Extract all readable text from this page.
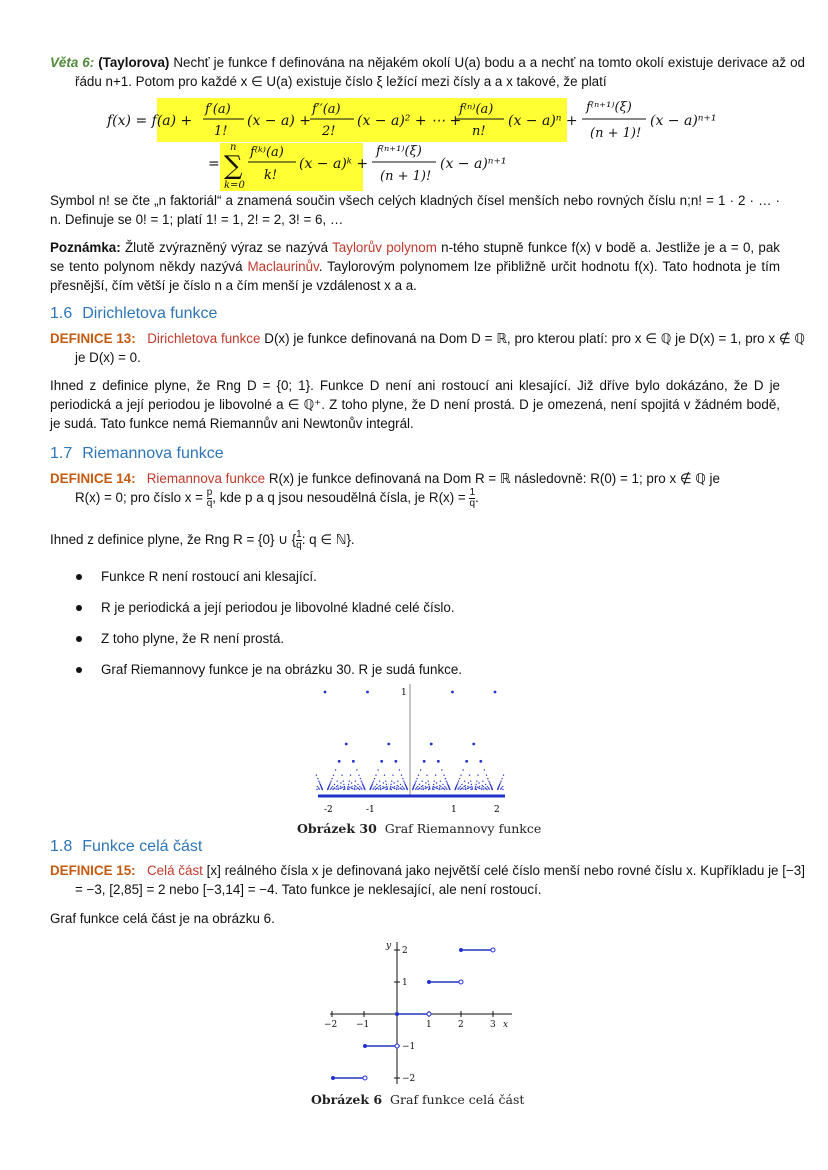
Věta 6: (Taylorova) Nechť je funkce f definována na nějakém okolí U(a) bodu a a nechť na tomto okolí existuje derivace až od řádu n+1. Potom pro každé x ∈ U(a) existuje číslo ξ ležící mezi čísly a a x takové, že platí
f(x) = f(a) +
f′(a)
1!
(x − a) +
f′′(a)
2!
(x − a)² + ⋯ +
f⁽ⁿ⁾(a)
n!
(x − a)ⁿ +
f⁽ⁿ⁺¹⁾(ξ)
(n + 1)!
(x − a)ⁿ⁺¹
= ∑
n
k=0
f⁽ᵏ⁾(a)
k!
(x − a)ᵏ +
f⁽ⁿ⁺¹⁾(ξ)
(n + 1)!
(x − a)ⁿ⁺¹
Symbol n! se čte „n faktoriál“ a znamená součin všech celých kladných čísel menších nebo rovných číslu n;n! = 1 · 2 · … · n. Definuje se 0! = 1; platí 1! = 1, 2! = 2, 3! = 6, …
Poznámka: Žlutě zvýrazněný výraz se nazývá Taylorův polynom n-tého stupně funkce f(x) v bodě a. Jestliže je a = 0, pak se tento polynom někdy nazývá Maclaurinův. Taylorovým polynomem lze přibližně určit hodnotu f(x). Tato hodnota je tím přesnější, čím větší je číslo n a čím menší je vzdálenost x a a.
1.6 Dirichletova funkce
DEFINICE 13: Dirichletova funkce D(x) je funkce definovaná na Dom D = ℝ, pro kterou platí: pro x ∈ ℚ je D(x) = 1, pro x ∉ ℚ je D(x) = 0.
Ihned z definice plyne, že Rng D = {0; 1}. Funkce D není ani rostoucí ani klesající. Již dříve bylo dokázáno, že D je periodická a její periodou je libovolné a ∈ ℚ⁺. Z toho plyne, že D není prostá. D je omezená, není spojitá v žádném bodě, je sudá. Tato funkce nemá Riemannův ani Newtonův integrál.
1.7 Riemannova funkce
DEFINICE 14: Riemannova funkce R(x) je funkce definovaná na Dom R = ℝ následovně: R(0) = 1; pro x ∉ ℚ je
R(x) = 0; pro číslo $x = \frac{p}{q}$ , kde p a q jsou nesoudělná čísla, je $R(x) = \frac{1}{q}$ .
Ihned z definice plyne, že Rng R = {0} ∪ { $\frac{1}{q}$ : q ∈ ℕ}.
Funkce R není rostoucí ani klesající.
R je periodická a její periodou je libovolné kladné celé číslo.
Z toho plyne, že R není prostá.
Graf Riemannovy funkce je na obrázku 30. R je sudá funkce.
1
-2	-1	1	2
Obrázek 30 Graf Riemannovy funkce
1.8 Funkce celá část
DEFINICE 15: Celá část [x] reálného čísla x je definovaná jako největší celé číslo menší nebo rovné číslu x. Kupříkladu je [−3] = −3, [2,85] = 2 nebo [−3,14] = −4. Tato funkce je neklesající, ale není rostoucí.
Graf funkce celá část je na obrázku 6.
−2 −1	1	2	3 x
y 2
1
−1
−2
Obrázek 6 Graf funkce celá část
